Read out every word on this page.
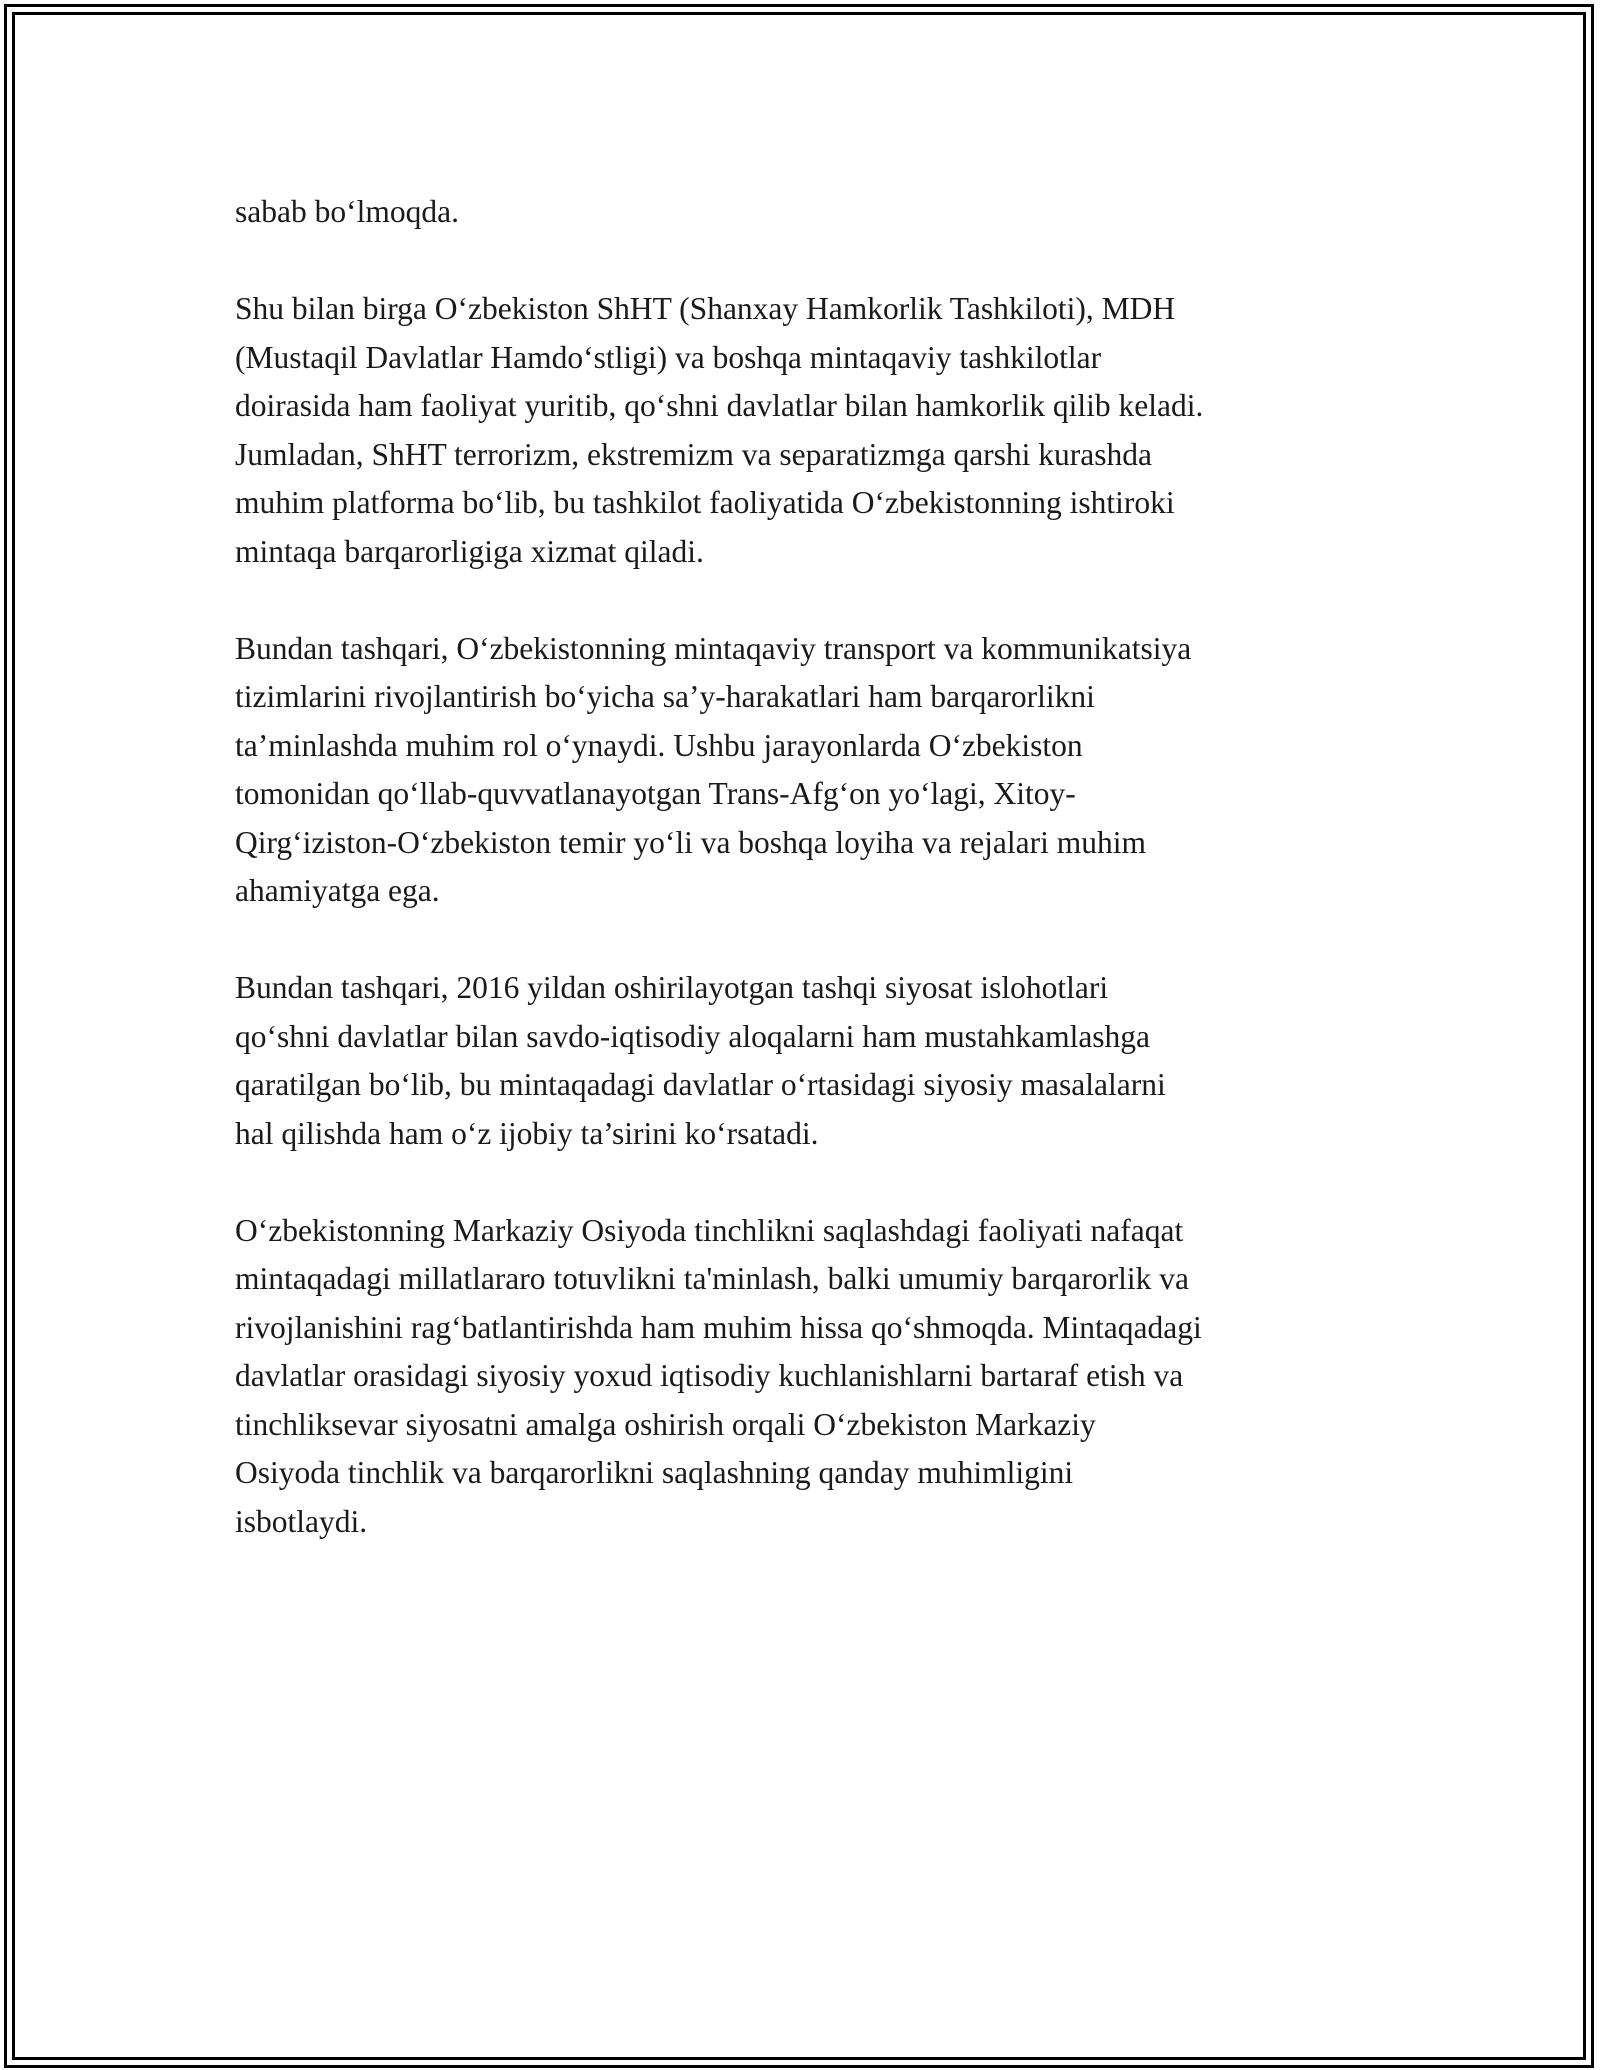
sabab bo‘lmoqda.

Shu bilan birga O‘zbekiston ShHT (Shanxay Hamkorlik Tashkiloti), MDH
(Mustaqil Davlatlar Hamdo‘stligi) va boshqa mintaqaviy tashkilotlar
doirasida ham faoliyat yuritib, qo‘shni davlatlar bilan hamkorlik qilib keladi.
Jumladan, ShHT terrorizm, ekstremizm va separatizmga qarshi kurashda
muhim platforma bo‘lib, bu tashkilot faoliyatida O‘zbekistonning ishtiroki
mintaqa barqarorligiga xizmat qiladi.

Bundan tashqari, O‘zbekistonning mintaqaviy transport va kommunikatsiya
tizimlarini rivojlantirish bo‘yicha sa’y-harakatlari ham barqarorlikni
ta’minlashda muhim rol o‘ynaydi. Ushbu jarayonlarda O‘zbekiston
tomonidan qo‘llab-quvvatlanayotgan Trans-Afg‘on yo‘lagi, Xitoy-
Qirg‘iziston-O‘zbekiston temir yo‘li va boshqa loyiha va rejalari muhim
ahamiyatga ega.

Bundan tashqari, 2016 yildan oshirilayotgan tashqi siyosat islohotlari
qo‘shni davlatlar bilan savdo-iqtisodiy aloqalarni ham mustahkamlashga
qaratilgan bo‘lib, bu mintaqadagi davlatlar o‘rtasidagi siyosiy masalalarni
hal qilishda ham o‘z ijobiy ta’sirini ko‘rsatadi.

O‘zbekistonning Markaziy Osiyoda tinchlikni saqlashdagi faoliyati nafaqat
mintaqadagi millatlararo totuvlikni ta'minlash, balki umumiy barqarorlik va
rivojlanishini rag‘batlantirishda ham muhim hissa qo‘shmoqda. Mintaqadagi
davlatlar orasidagi siyosiy yoxud iqtisodiy kuchlanishlarni bartaraf etish va
tinchliksevar siyosatni amalga oshirish orqali O‘zbekiston Markaziy
Osiyoda tinchlik va barqarorlikni saqlashning qanday muhimligini
isbotlaydi.
